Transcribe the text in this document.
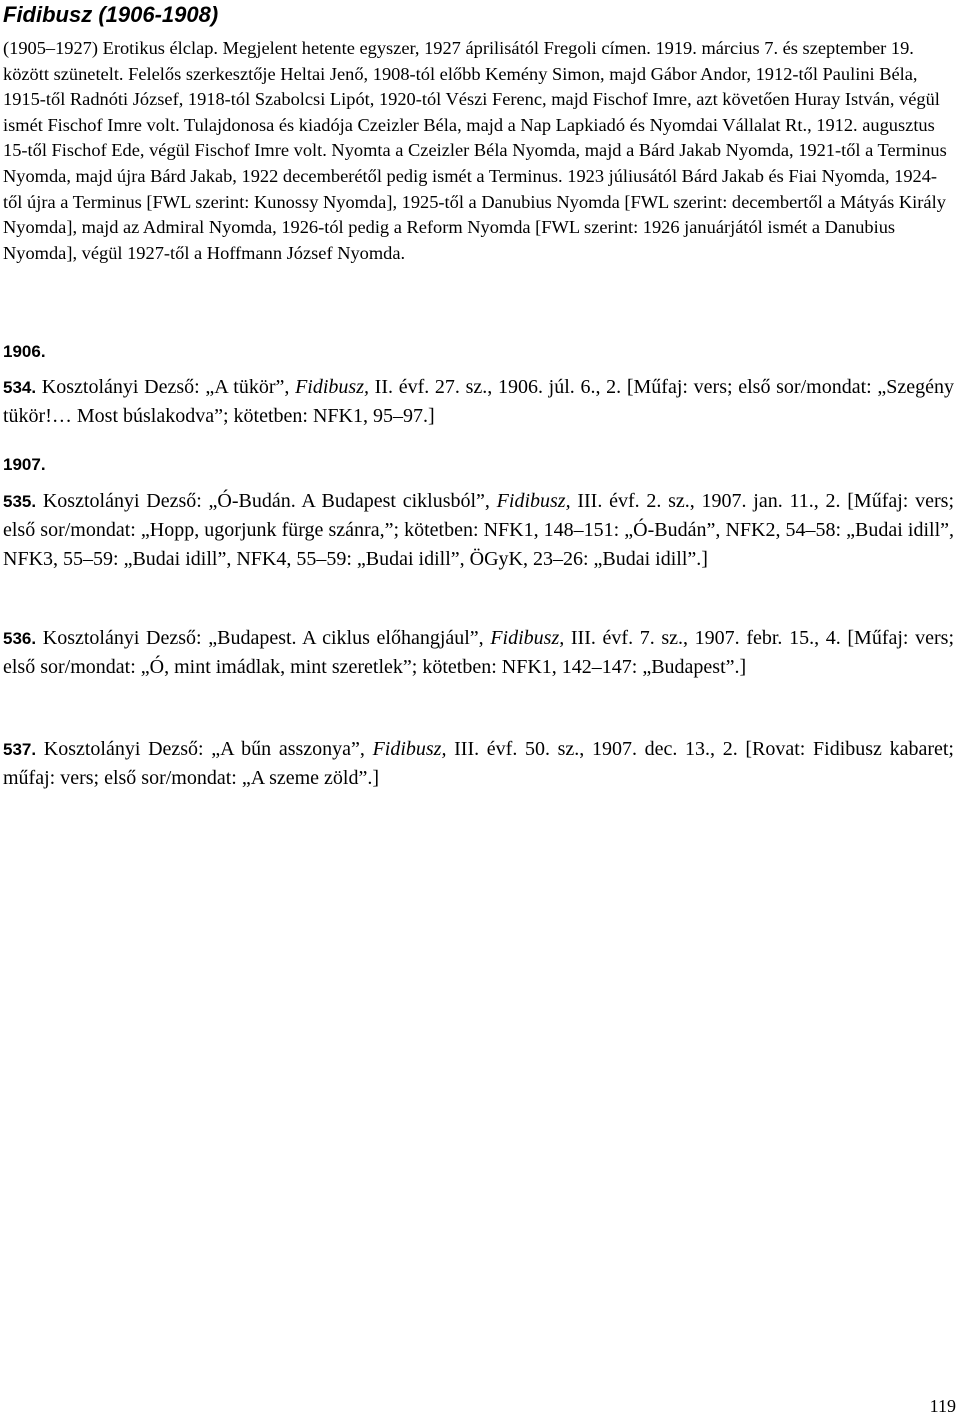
Fidibusz (1906-1908)

(1905–1927) Erotikus élclap. Megjelent hetente egyszer, 1927 áprilisától Fregoli címen. 1919. március 7. és szeptember 19. között szünetelt. Felelős szerkesztője Heltai Jenő, 1908-tól előbb Kemény Simon, majd Gábor Andor, 1912-től Paulini Béla, 1915-től Radnóti József, 1918-tól Szabolcsi Lipót, 1920-tól Vészi Ferenc, majd Fischof Imre, azt követően Huray István, végül ismét Fischof Imre volt. Tulajdonosa és kiadója Czeizler Béla, majd a Nap Lapkiadó és Nyomdai Vállalat Rt., 1912. augusztus 15-től Fischof Ede, végül Fischof Imre volt. Nyomta a Czeizler Béla Nyomda, majd a Bárd Jakab Nyomda, 1921-től a Terminus Nyomda, majd újra Bárd Jakab, 1922 decemberétől pedig ismét a Terminus. 1923 júliusától Bárd Jakab és Fiai Nyomda, 1924-től újra a Terminus [FWL szerint: Kunossy Nyomda], 1925-től a Danubius Nyomda [FWL szerint: decembertől a Mátyás Király Nyomda], majd az Admiral Nyomda, 1926-tól pedig a Reform Nyomda [FWL szerint: 1926 januárjától ismét a Danubius Nyomda], végül 1927-től a Hoffmann József Nyomda.

1906.

534. Kosztolányi Dezső: „A tükör”, Fidibusz, II. évf. 27. sz., 1906. júl. 6., 2. [Műfaj: vers; első sor/mondat: „Szegény tükör!… Most búslakodva”; kötetben: NFK1, 95–97.]

1907.

535. Kosztolányi Dezső: „Ó-Budán. A Budapest ciklusból”, Fidibusz, III. évf. 2. sz., 1907. jan. 11., 2. [Műfaj: vers; első sor/mondat: „Hopp, ugorjunk fürge szánra,”; kötetben: NFK1, 148–151: „Ó-Budán”, NFK2, 54–58: „Budai idill”, NFK3, 55–59: „Budai idill”, NFK4, 55–59: „Budai idill”, ÖGyK, 23–26: „Budai idill”.]

536. Kosztolányi Dezső: „Budapest. A ciklus előhangjául”, Fidibusz, III. évf. 7. sz., 1907. febr. 15., 4. [Műfaj: vers; első sor/mondat: „Ó, mint imádlak, mint szeretlek”; kötetben: NFK1, 142–147: „Budapest”.]

537. Kosztolányi Dezső: „A bűn asszonya”, Fidibusz, III. évf. 50. sz., 1907. dec. 13., 2. [Rovat: Fidibusz kabaret; műfaj: vers; első sor/mondat: „A szeme zöld”.]

119
